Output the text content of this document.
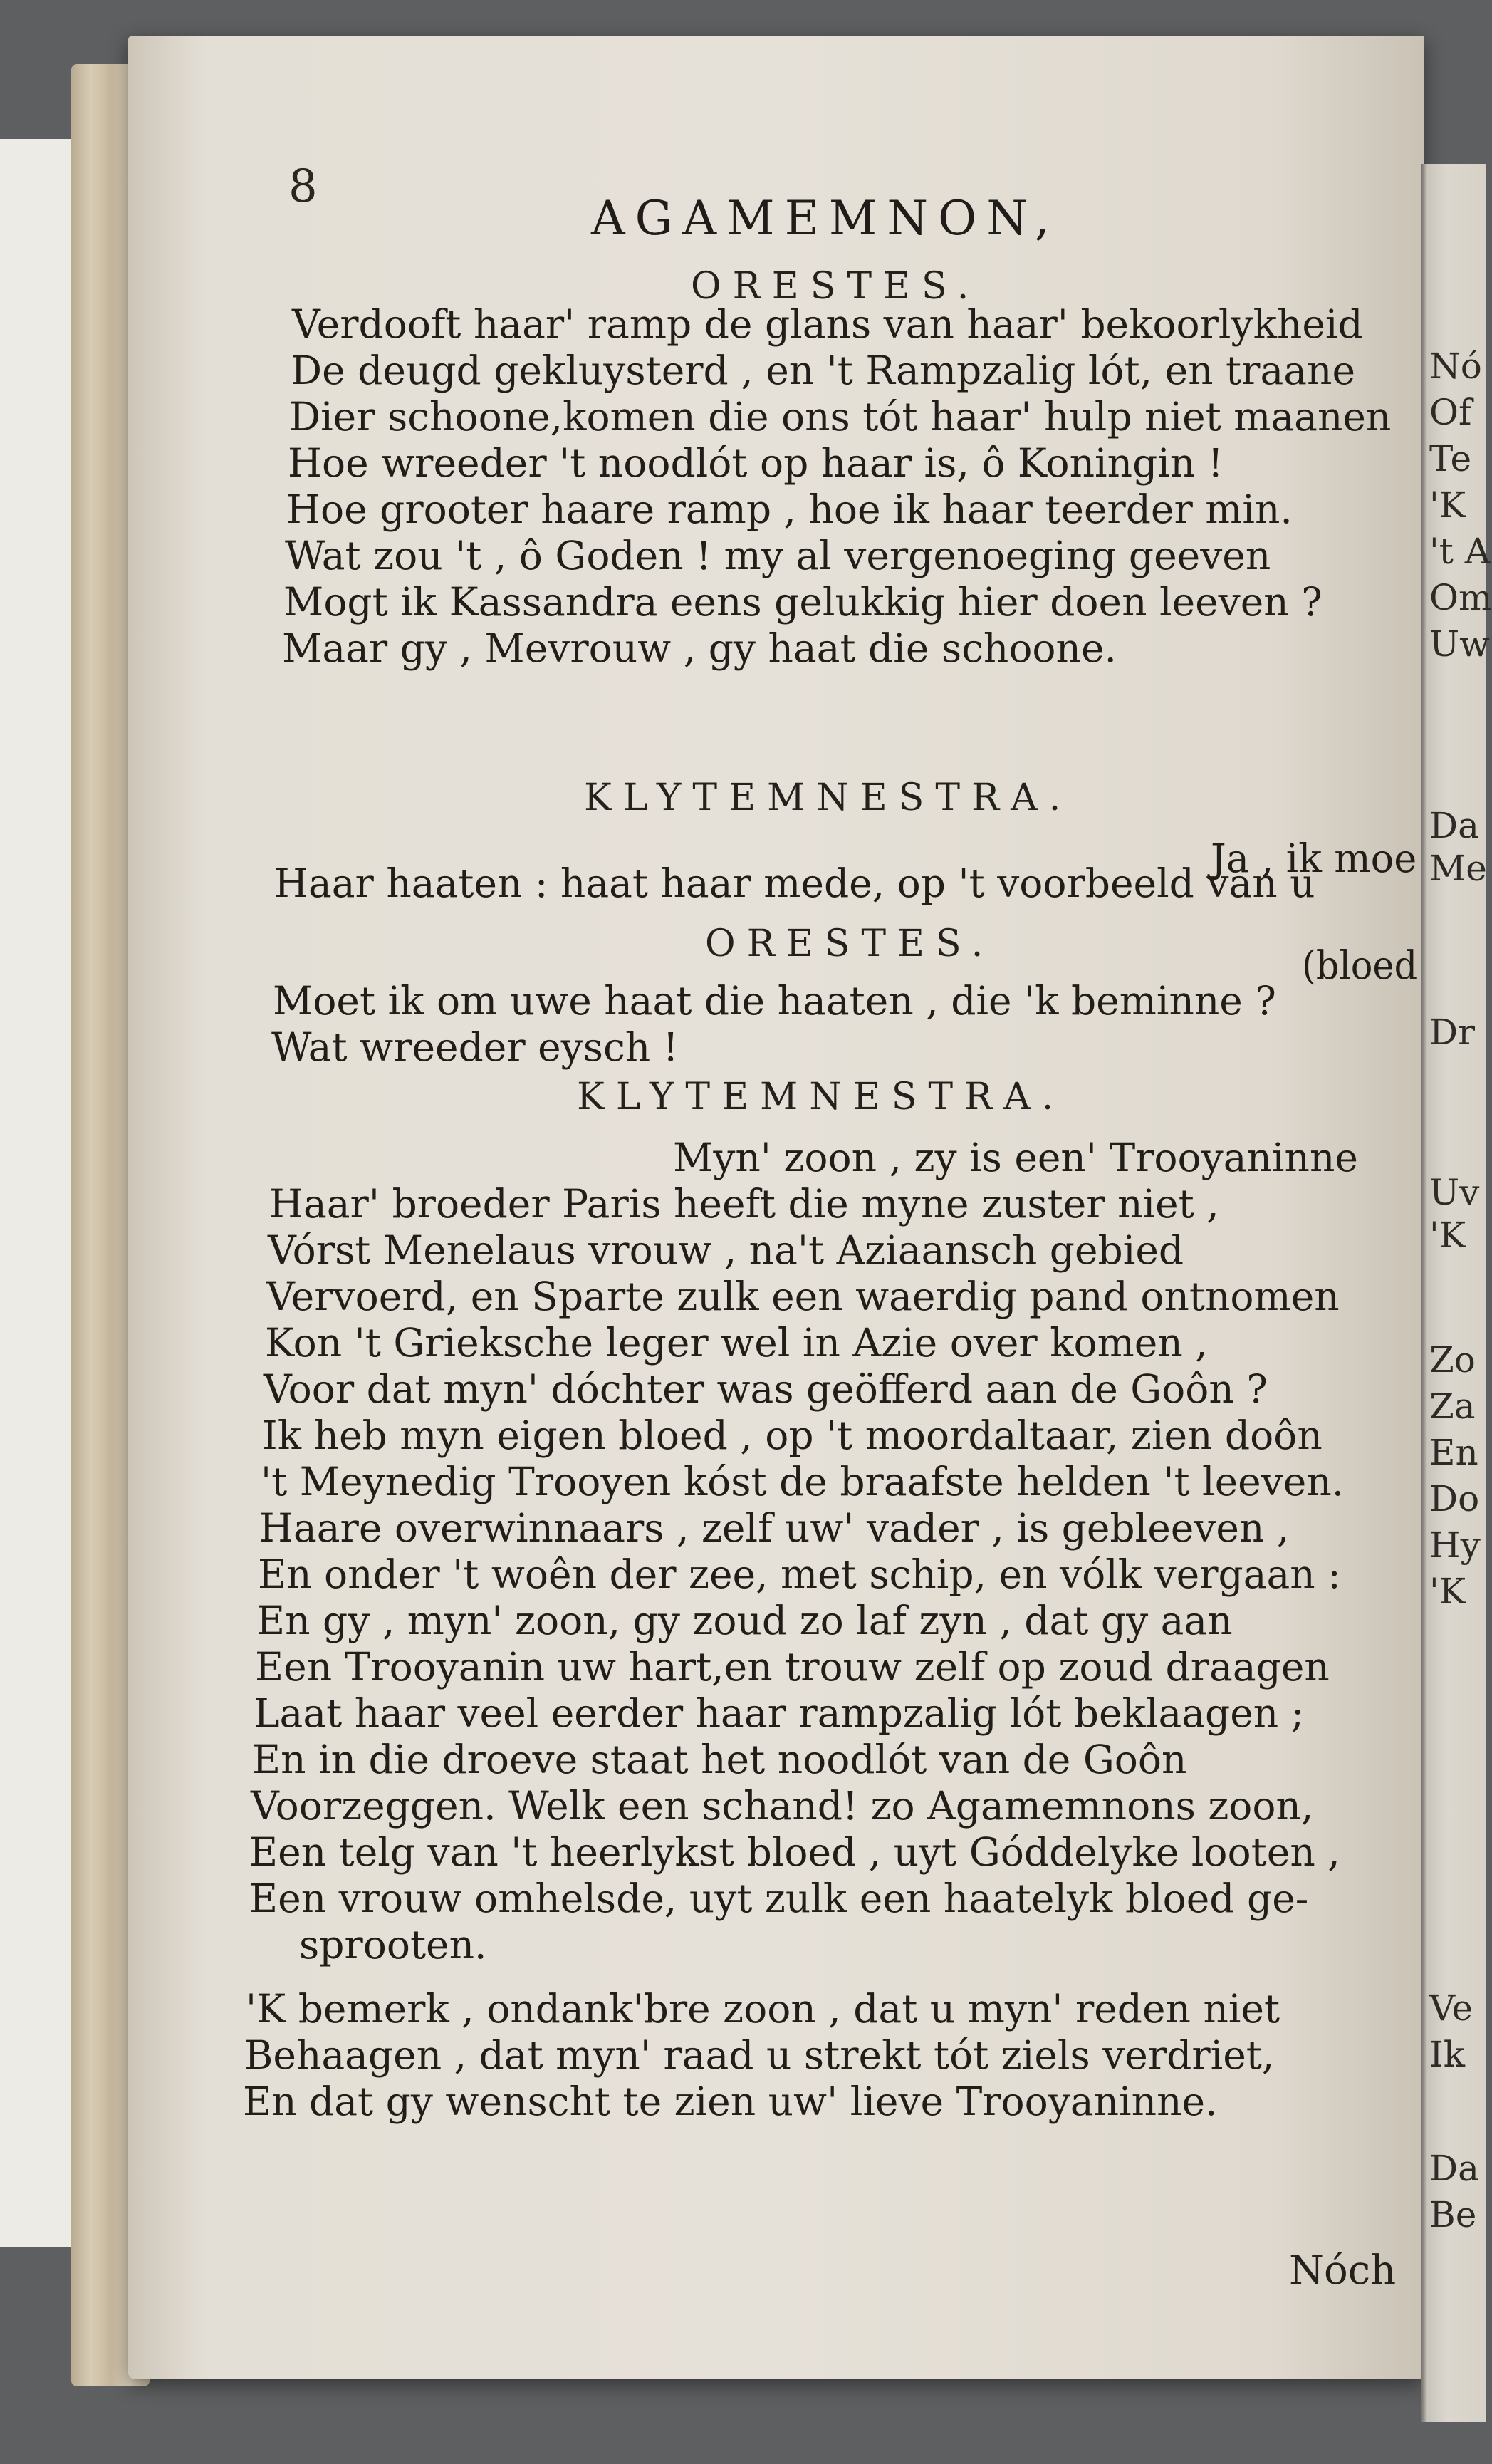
Nó
Of
Te
'K
't A
Om
Uw
Da
Me
Dr
Uv
'K
Zo
Za
En
Do
Hy
'K
Ve
Ik
Da
Be
8
AGAMEMNON,
ORESTES.
Verdooft haar' ramp de glans van haar' bekoorlykheid
De deugd gekluysterd , en 't Rampzalig lót, en traane
Dier schoone,komen die ons tót haar' hulp niet maanen
Hoe wreeder 't noodlót op haar is, ô Koningin !
Hoe grooter haare ramp , hoe ik haar teerder min.
Wat zou 't , ô Goden ! my al vergenoeging geeven
Mogt ik Kassandra eens gelukkig hier doen leeven ?
Maar gy , Mevrouw , gy haat die schoone.
KLYTEMNESTRA.
Ja , ik moe
Haar haaten : haat haar mede, op 't voorbeeld van u
(bloed
ORESTES.
Moet ik om uwe haat die haaten , die 'k beminne ?
Wat wreeder eysch !
KLYTEMNESTRA.
Myn' zoon , zy is een' Trooyaninne
Haar' broeder Paris heeft die myne zuster niet ,
Vórst Menelaus vrouw , na't Aziaansch gebied
Vervoerd, en Sparte zulk een waerdig pand ontnomen
Kon 't Grieksche leger wel in Azie over komen ,
Voor dat myn' dóchter was geöfferd aan de Goôn ?
Ik heb myn eigen bloed , op 't moordaltaar, zien doôn
't Meynedig Trooyen kóst de braafste helden 't leeven.
Haare overwinnaars , zelf uw' vader , is gebleeven ,
En onder 't woên der zee, met schip, en vólk vergaan :
En gy , myn' zoon, gy zoud zo laf zyn , dat gy aan
Een Trooyanin uw hart,en trouw zelf op zoud draagen
Laat haar veel eerder haar rampzalig lót beklaagen ;
En in die droeve staat het noodlót van de Goôn
Voorzeggen. Welk een schand! zo Agamemnons zoon,
Een telg van 't heerlykst bloed , uyt Góddelyke looten ,
Een vrouw omhelsde, uyt zulk een haatelyk bloed ge-
sprooten.
'K bemerk , ondank'bre zoon , dat u myn' reden niet
Behaagen , dat myn' raad u strekt tót ziels verdriet,
En dat gy wenscht te zien uw' lieve Trooyaninne.
Nóch
